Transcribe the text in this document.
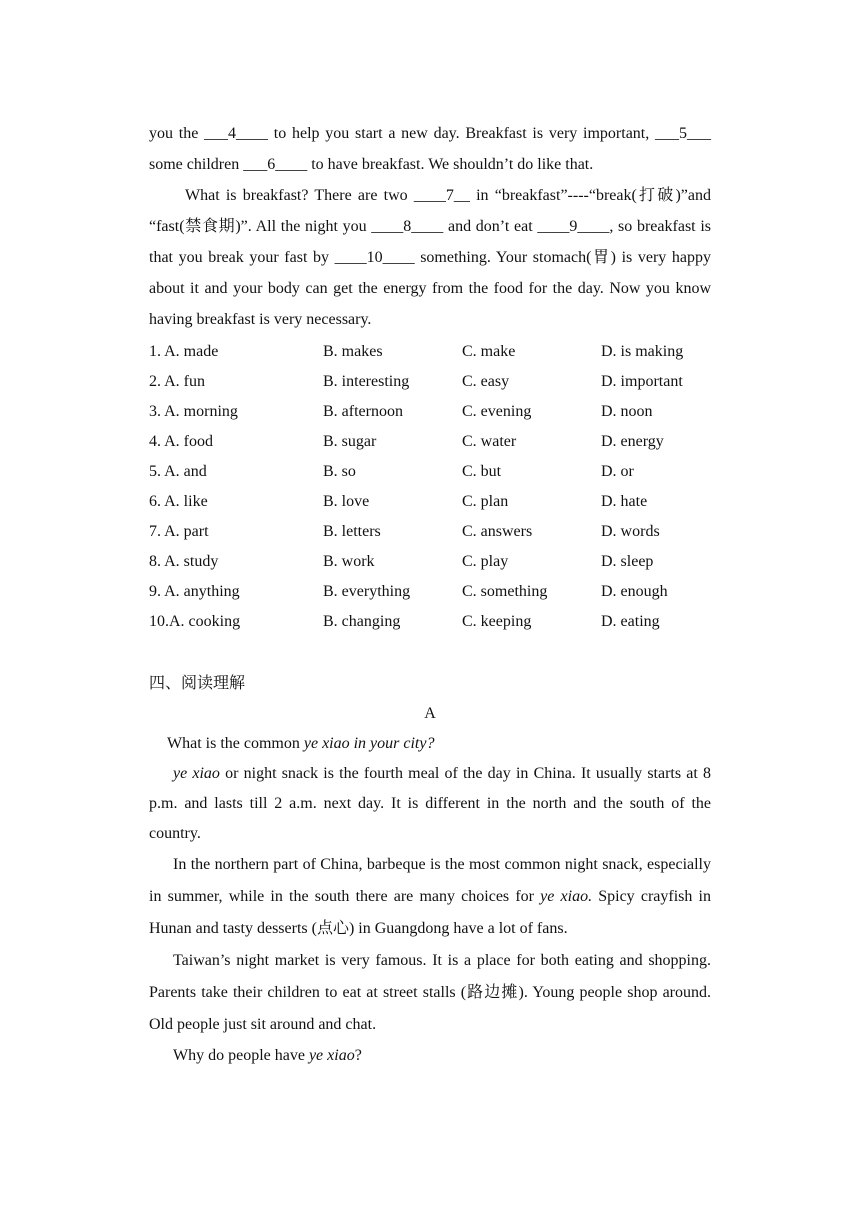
you the ___4____ to help you start a new day. Breakfast is very important, ___5___ some children ___6____ to have breakfast. We shouldn’t do like that.

What is breakfast? There are two ____7__ in “breakfast”----“break(打破)”and “fast(禁食期)”. All the night you ____8____ and don’t eat ____9____, so breakfast is that you break your fast by ____10____ something. Your stomach(胃) is very happy about it and your body can get the energy from the food for the day. Now you know having breakfast is very necessary.

1. A. made	B. makes	C. make	D. is making
2. A. fun	B. interesting	C. easy	D. important
3. A. morning	B. afternoon	C. evening	D. noon
4. A. food	B. sugar	C. water	D. energy
5. A. and	B. so	C. but	D. or
6. A. like	B. love	C. plan	D. hate
7. A. part	B. letters	C. answers	D. words
8. A. study	B. work	C. play	D. sleep
9. A. anything	B. everything	C. something	D. enough
10.A. cooking	B. changing	C. keeping	D. eating
四、阅读理解
A

What is the common ye xiao in your city?

ye xiao or night snack is the fourth meal of the day in China. It usually starts at 8 p.m. and lasts till 2 a.m. next day. It is different in the north and the south of the country.

In the northern part of China, barbeque is the most common night snack, especially in summer, while in the south there are many choices for ye xiao. Spicy crayfish in Hunan and tasty desserts (点心) in Guangdong have a lot of fans.

Taiwan’s night market is very famous. It is a place for both eating and shopping. Parents take their children to eat at street stalls (路边摊). Young people shop around. Old people just sit around and chat.

Why do people have ye xiao?
